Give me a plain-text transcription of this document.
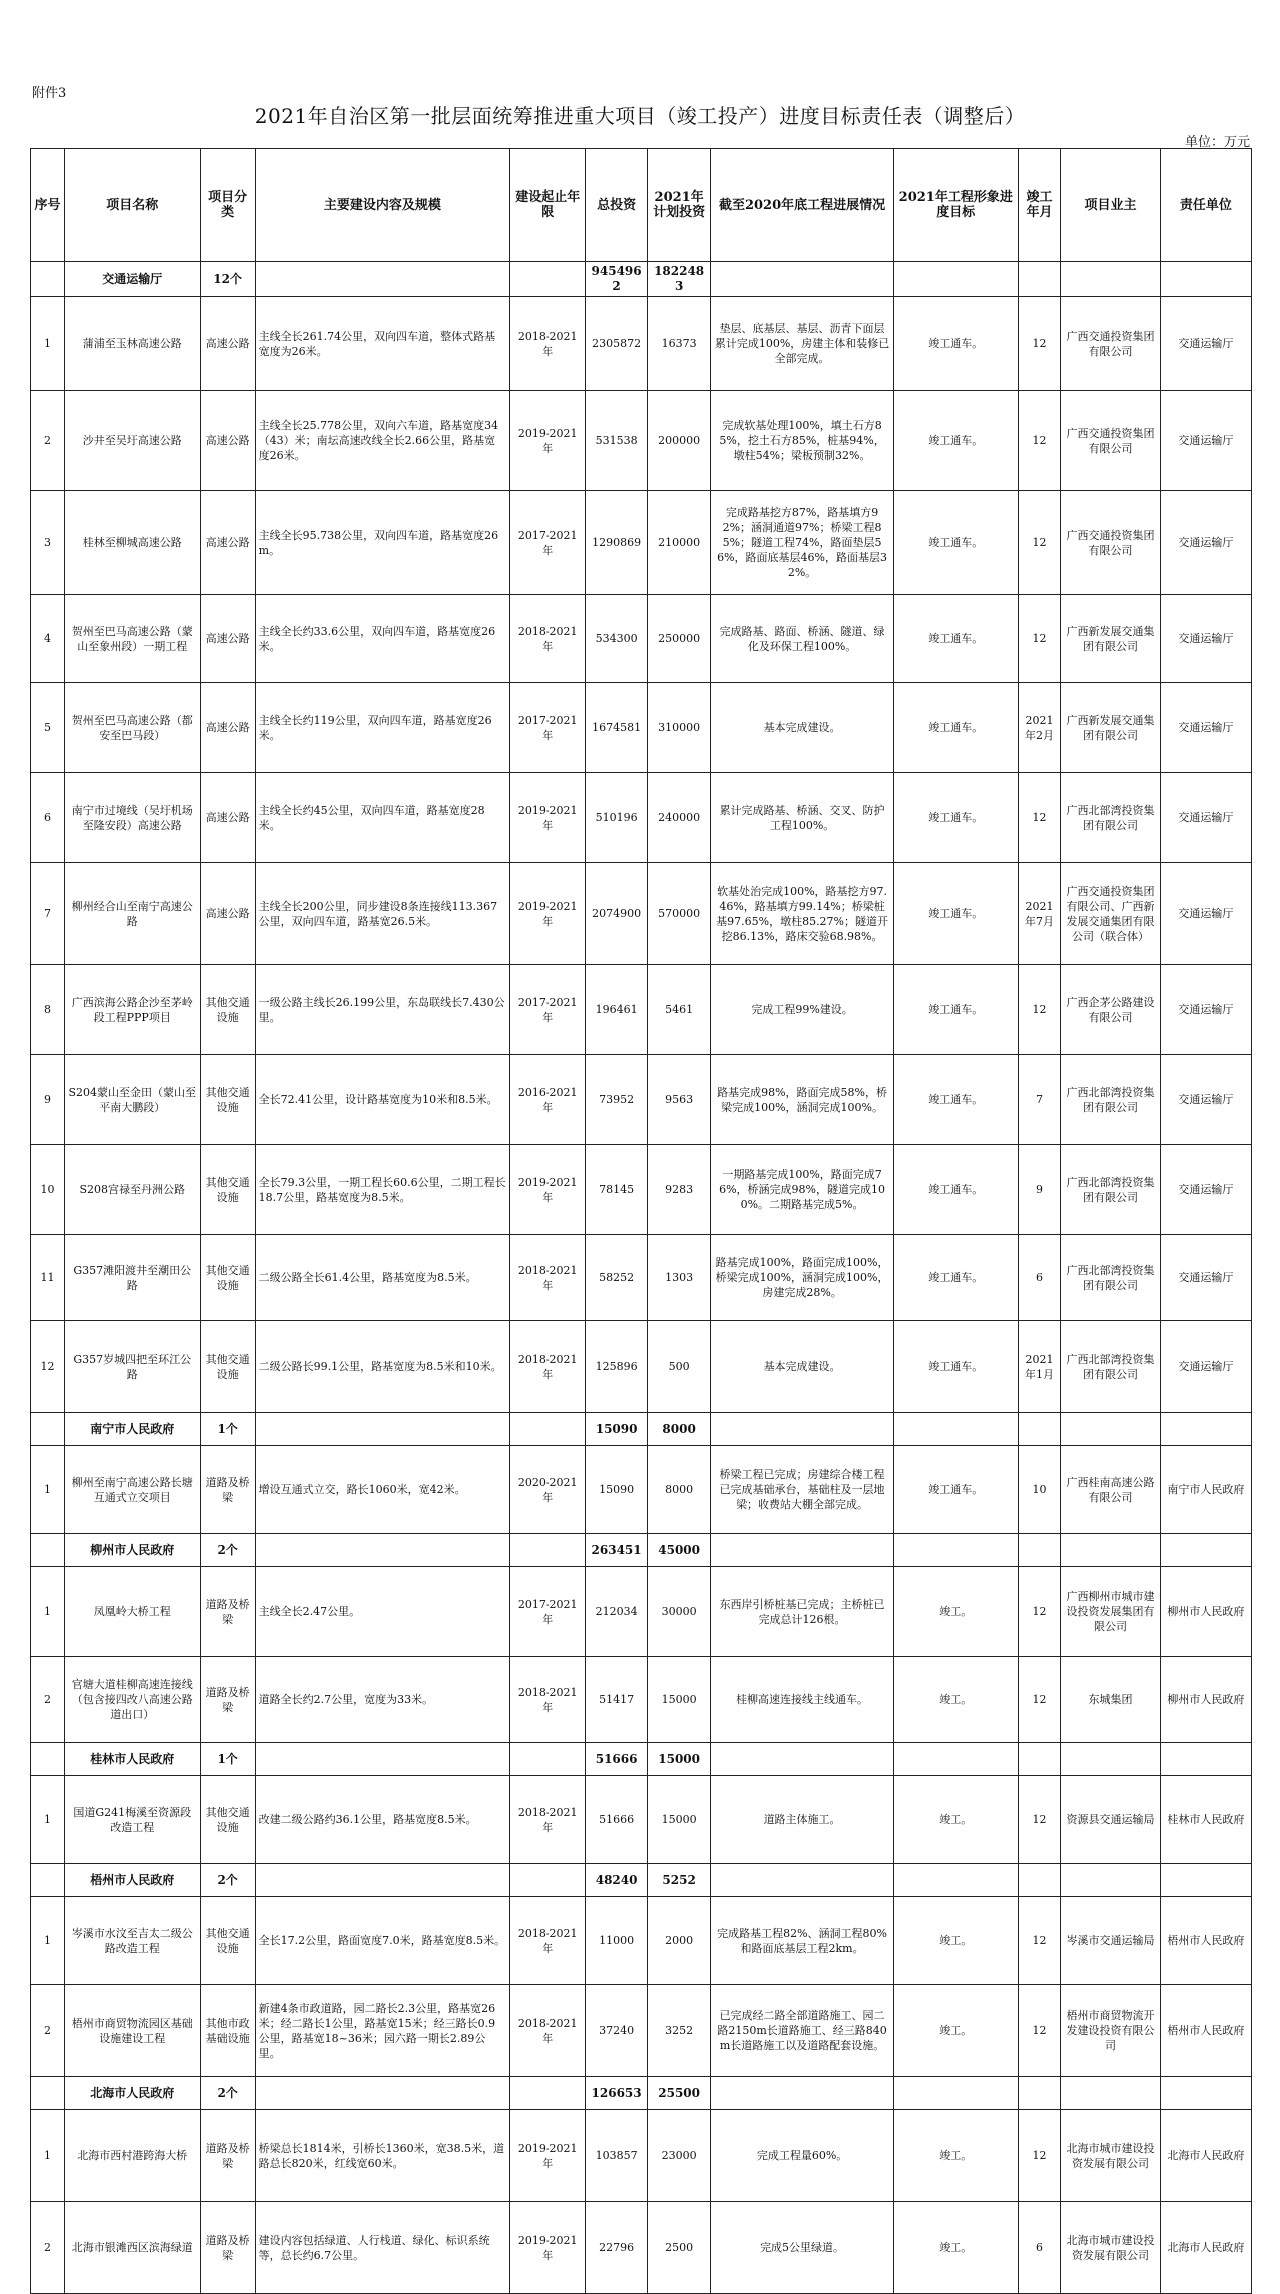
附件3
2021年自治区第一批层面统筹推进重大项目（竣工投产）进度目标责任表（调整后）
单位：万元
序号	项目名称	项目分类	主要建设内容及规模	建设起止年限	总投资	2021年计划投资	截至2020年底工程进展情况	2021年工程形象进度目标	竣工年月	项目业主	责任单位
	交通运输厅	12个			9454962	1822483					
1	蒲浦至玉林高速公路	高速公路	主线全长261.74公里，双向四车道，整体式路基宽度为26米。	2018-2021年	2305872	16373	垫层、底基层、基层、沥青下面层累计完成100%，房建主体和装修已全部完成。	竣工通车。	12	广西交通投资集团有限公司	交通运输厅
2	沙井至吴圩高速公路	高速公路	主线全长25.778公里，双向六车道，路基宽度34（43）米；南坛高速改线全长2.66公里，路基宽度26米。	2019-2021年	531538	200000	完成软基处理100%，填土石方85%，挖土石方85%，桩基94%，墩柱54%；梁板预制32%。	竣工通车。	12	广西交通投资集团有限公司	交通运输厅
3	桂林至柳城高速公路	高速公路	主线全长95.738公里，双向四车道，路基宽度26m。	2017-2021年	1290869	210000	完成路基挖方87%，路基填方92%；涵洞通道97%；桥梁工程85%；隧道工程74%，路面垫层56%，路面底基层46%，路面基层32%。	竣工通车。	12	广西交通投资集团有限公司	交通运输厅
4	贺州至巴马高速公路（蒙山至象州段）一期工程	高速公路	主线全长约33.6公里，双向四车道，路基宽度26米。	2018-2021年	534300	250000	完成路基、路面、桥涵、隧道、绿化及环保工程100%。	竣工通车。	12	广西新发展交通集团有限公司	交通运输厅
5	贺州至巴马高速公路（都安至巴马段）	高速公路	主线全长约119公里，双向四车道，路基宽度26米。	2017-2021年	1674581	310000	基本完成建设。	竣工通车。	2021年2月	广西新发展交通集团有限公司	交通运输厅
6	南宁市过境线（吴圩机场至隆安段）高速公路	高速公路	主线全长约45公里，双向四车道，路基宽度28米。	2019-2021年	510196	240000	累计完成路基、桥涵、交叉、防护工程100%。	竣工通车。	12	广西北部湾投资集团有限公司	交通运输厅
7	柳州经合山至南宁高速公路	高速公路	主线全长200公里，同步建设8条连接线113.367公里，双向四车道，路基宽26.5米。	2019-2021年	2074900	570000	软基处治完成100%，路基挖方97.46%，路基填方99.14%；桥梁桩基97.65%，墩柱85.27%；隧道开挖86.13%，路床交验68.98%。	竣工通车。	2021年7月	广西交通投资集团有限公司、广西新发展交通集团有限公司（联合体）	交通运输厅
8	广西滨海公路企沙至茅岭段工程PPP项目	其他交通设施	一级公路主线长26.199公里，东岛联线长7.430公里。	2017-2021年	196461	5461	完成工程99%建设。	竣工通车。	12	广西企茅公路建设有限公司	交通运输厅
9	S204蒙山至金田（蒙山至平南大鹏段）	其他交通设施	全长72.41公里，设计路基宽度为10米和8.5米。	2016-2021年	73952	9563	路基完成98%，路面完成58%，桥梁完成100%，涵洞完成100%。	竣工通车。	7	广西北部湾投资集团有限公司	交通运输厅
10	S208宫禄至丹洲公路	其他交通设施	全长79.3公里，一期工程长60.6公里，二期工程长18.7公里，路基宽度为8.5米。	2019-2021年	78145	9283	一期路基完成100%，路面完成76%，桥涵完成98%，隧道完成100%。二期路基完成5%。	竣工通车。	9	广西北部湾投资集团有限公司	交通运输厅
11	G357滩阳渡井至潮田公路	其他交通设施	二级公路全长61.4公里，路基宽度为8.5米。	2018-2021年	58252	1303	路基完成100%，路面完成100%，桥梁完成100%，涵洞完成100%，房建完成28%。	竣工通车。	6	广西北部湾投资集团有限公司	交通运输厅
12	G357岁城四把至环江公路	其他交通设施	二级公路长99.1公里，路基宽度为8.5米和10米。	2018-2021年	125896	500	基本完成建设。	竣工通车。	2021年1月	广西北部湾投资集团有限公司	交通运输厅
	南宁市人民政府	1个			15090	8000					
1	柳州至南宁高速公路长塘互通式立交项目	道路及桥梁	增设互通式立交，路长1060米，宽42米。	2020-2021年	15090	8000	桥梁工程已完成；房建综合楼工程已完成基础承台，基础柱及一层地梁；收费站大棚全部完成。	竣工通车。	10	广西桂南高速公路有限公司	南宁市人民政府
	柳州市人民政府	2个			263451	45000					
1	凤凰岭大桥工程	道路及桥梁	主线全长2.47公里。	2017-2021年	212034	30000	东西岸引桥桩基已完成；主桥桩已完成总计126根。	竣工。	12	广西柳州市城市建设投资发展集团有限公司	柳州市人民政府
2	官塘大道桂柳高速连接线（包含接四改八高速公路道出口）	道路及桥梁	道路全长约2.7公里，宽度为33米。	2018-2021年	51417	15000	桂柳高速连接线主线通车。	竣工。	12	东城集团	柳州市人民政府
	桂林市人民政府	1个			51666	15000					
1	国道G241梅溪至资源段改造工程	其他交通设施	改建二级公路约36.1公里，路基宽度8.5米。	2018-2021年	51666	15000	道路主体施工。	竣工。	12	资源县交通运输局	桂林市人民政府
	梧州市人民政府	2个			48240	5252					
1	岑溪市水汶至吉太二级公路改造工程	其他交通设施	全长17.2公里，路面宽度7.0米，路基宽度8.5米。	2018-2021年	11000	2000	完成路基工程82%、涵洞工程80%和路面底基层工程2km。	竣工。	12	岑溪市交通运输局	梧州市人民政府
2	梧州市商贸物流园区基础设施建设工程	其他市政基础设施	新建4条市政道路，园二路长2.3公里，路基宽26米；经二路长1公里，路基宽15米；经三路长0.9公里，路基宽18~36米；园六路一期长2.89公里。	2018-2021年	37240	3252	已完成经二路全部道路施工、园二路2150m长道路施工、经三路840m长道路施工以及道路配套设施。	竣工。	12	梧州市商贸物流开发建设投资有限公司	梧州市人民政府
	北海市人民政府	2个			126653	25500					
1	北海市西村港跨海大桥	道路及桥梁	桥梁总长1814米，引桥长1360米，宽38.5米，道路总长820米，红线宽60米。	2019-2021年	103857	23000	完成工程量60%。	竣工。	12	北海市城市建设投资发展有限公司	北海市人民政府
2	北海市银滩西区滨海绿道	道路及桥梁	建设内容包括绿道、人行栈道、绿化、标识系统等，总长约6.7公里。	2019-2021年	22796	2500	完成5公里绿道。	竣工。	6	北海市城市建设投资发展有限公司	北海市人民政府
